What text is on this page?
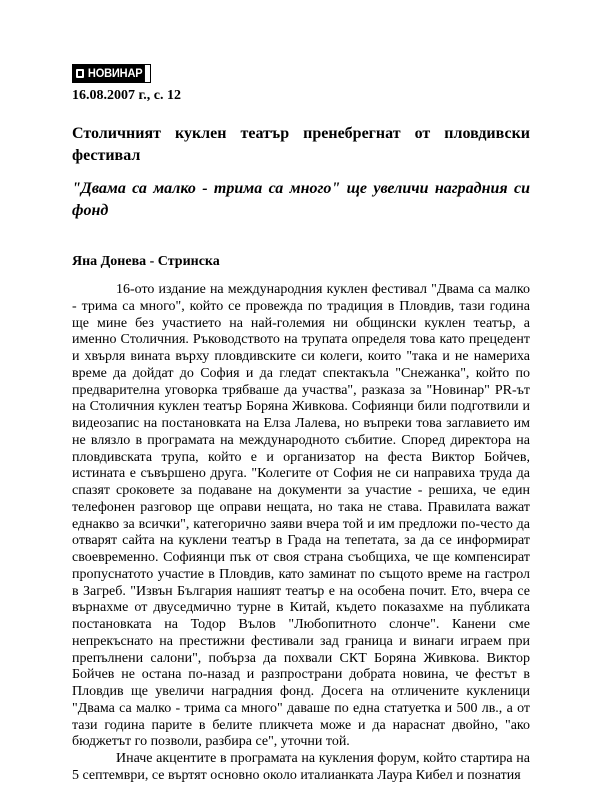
НОВИНАР

16.08.2007 г., с. 12

Столичният куклен театър пренебрегнат от пловдивски фестивал

"Двама са малко - трима са много" ще увеличи наградния си фонд

Яна Донева - Стринска

16-ото издание на международния куклен фестивал "Двама са малко - трима са много", който се провежда по традиция в Пловдив, тази година ще мине без участието на най-големия ни общински куклен театър, а именно Столичния. Ръководството на трупата определя това като прецедент и хвърля вината върху пловдивските си колеги, които "така и не намериха време да дойдат до София и да гледат спектакъла "Снежанка", който по предварителна уговорка трябваше да участва", разказа за "Новинар" PR-ът на Столичния куклен театър Боряна Живкова. Софиянци били подготвили и видеозапис на постановката на Елза Лалева, но въпреки това заглавието им не влязло в програмата на международното събитие. Според директора на пловдивската трупа, който е и организатор на феста Виктор Бойчев, истината е съвършено друга. "Колегите от София не си направиха труда да спазят сроковете за подаване на документи за участие - решиха, че един телефонен разговор ще оправи нещата, но така не става. Правилата важат еднакво за всички", категорично заяви вчера той и им предложи по-често да отварят сайта на куклени театър в Града на тепетата, за да се информират своевременно. Софиянци пък от своя страна съобщиха, че ще компенсират пропуснатото участие в Пловдив, като заминат по същото време на гастрол в Загреб. "Извън България нашият театър е на особена почит. Ето, вчера се върнахме от двуседмично турне в Китай, където показахме на публиката постановката на Тодор Вълов "Любопитното слонче". Канени сме непрекъснато на престижни фестивали зад граница и винаги играем при препълнени салони", побърза да похвали СКТ Боряна Живкова. Виктор Бойчев не остана по-назад и разпространи добрата новина, че фестът в Пловдив ще увеличи наградния фонд. Досега на отличените кукленици "Двама са малко - трима са много" даваше по една статуетка и 500 лв., а от тази година парите в белите пликчета може и да нараснат двойно, "ако бюджетът го позволи, разбира се", уточни той.

Иначе акцентите в програмата на кукления форум, който стартира на 5 септември, се въртят основно около италианката Лаура Кибел и познатия
